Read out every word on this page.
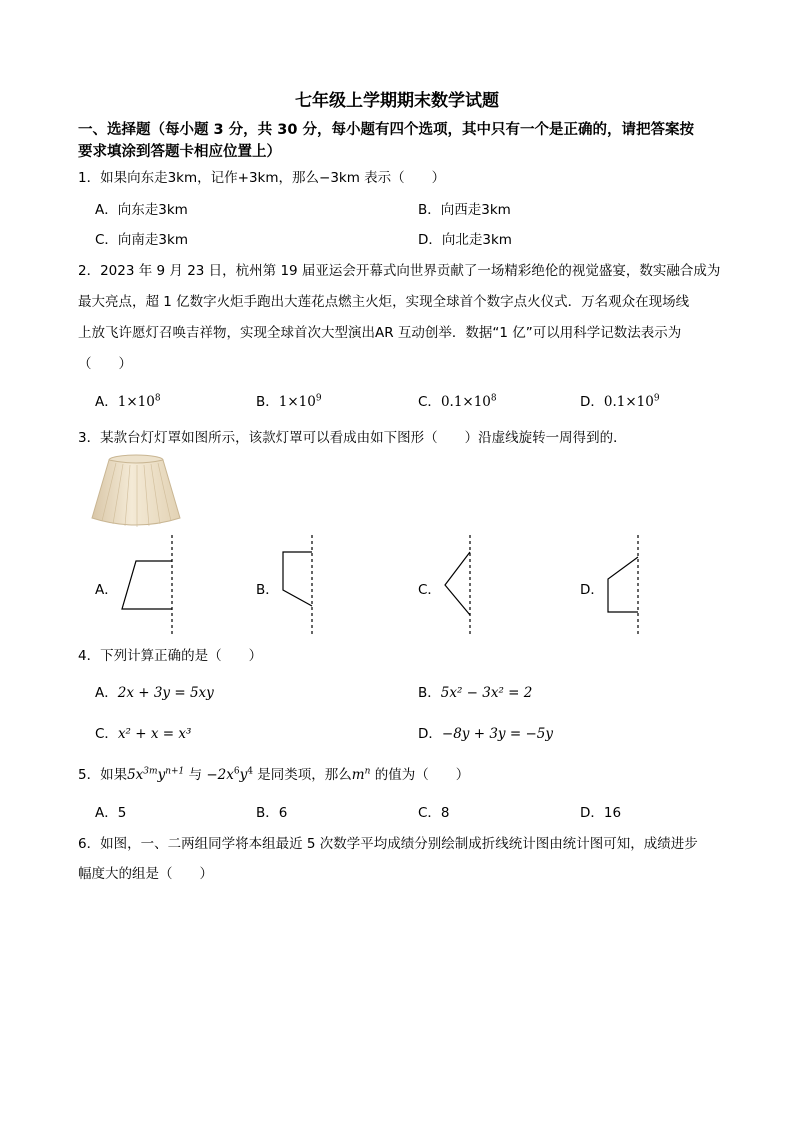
七年级上学期期末数学试题
一、选择题（每小题 3 分，共 30 分，每小题有四个选项，其中只有一个是正确的，请把答案按
要求填涂到答题卡相应位置上）
1．如果向东走3km，记作+3km，那么−3km 表示（　　）
A．向东走3km	B．向西走3km
C．向南走3km	D．向北走3km
2．2023 年 9 月 23 日，杭州第 19 届亚运会开幕式向世界贡献了一场精彩绝伦的视觉盛宴，数实融合成为
最大亮点，超 1 亿数字火炬手跑出大莲花点燃主火炬，实现全球首个数字点火仪式．万名观众在现场线
上放飞许愿灯召唤吉祥物，实现全球首次大型演出AR 互动创举．数据“1 亿”可以用科学记数法表示为
（　　）
A．$1\times 10^8$	B．$1\times 10^9$	C．$0.1\times 10^8$	D．$0.1\times 10^9$
3．某款台灯灯罩如图所示，该款灯罩可以看成由如下图形（　　）沿虚线旋转一周得到的．
A．	B．	C．	D．
4．下列计算正确的是（　　）
A．2x + 3y = 5xy	B．5x² − 3x² = 2
C．x² + x = x³	D．−8y + 3y = −5y
5．如果$5x^{3m}y^{n+1}$ 与 $-2x^6y^4$ 是同类项，那么$m^n$ 的值为（　　）
A．5	B．6	C．8	D．16
6．如图，一、二两组同学将本组最近 5 次数学平均成绩分别绘制成折线统计图由统计图可知，成绩进步
幅度大的组是（　　）
